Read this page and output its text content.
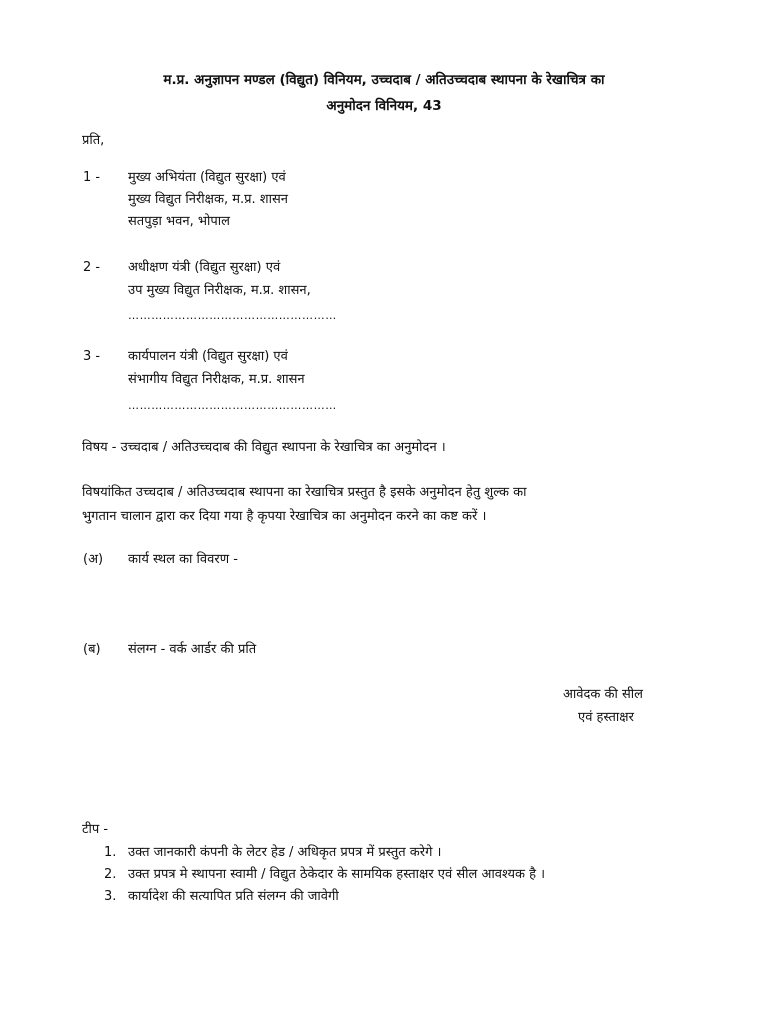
म.प्र. अनुज्ञापन मण्डल (विद्युत) विनियम, उच्चदाब / अतिउच्चदाब स्थापना के रेखाचित्र का
अनुमोदन विनियम, 43
प्रति,
1 - मुख्य अभियंता (विद्युत सुरक्षा) एवं
मुख्य विद्युत निरीक्षक, म.प्र. शासन
सतपुड़ा भवन, भोपाल
2 - अधीक्षण यंत्री (विद्युत सुरक्षा) एवं
उप मुख्य विद्युत निरीक्षक, म.प्र. शासन,
………………………………………………
3 - कार्यपालन यंत्री (विद्युत सुरक्षा) एवं
संभागीय विद्युत निरीक्षक, म.प्र. शासन
………………………………………………
विषय - उच्चदाब / अतिउच्चदाब की विद्युत स्थापना के रेखाचित्र का अनुमोदन ।
विषयांकित उच्चदाब / अतिउच्चदाब स्थापना का रेखाचित्र प्रस्तुत है इसके अनुमोदन हेतु शुल्क का
भुगतान चालान द्वारा कर दिया गया है कृपया रेखाचित्र का अनुमोदन करने का कष्ट करें ।
(अ) कार्य स्थल का विवरण -
(ब) संलग्न - वर्क आर्डर की प्रति
आवेदक की सील
एवं हस्ताक्षर
टीप -
1. उक्त जानकारी कंपनी के लेटर हेड / अधिकृत प्रपत्र में प्रस्तुत करेगे ।
2. उक्त प्रपत्र मे स्थापना स्वामी / विद्युत ठेकेदार के सामयिक हस्ताक्षर एवं सील आवश्यक है ।
3. कार्यादेश की सत्यापित प्रति संलग्न की जावेगी
